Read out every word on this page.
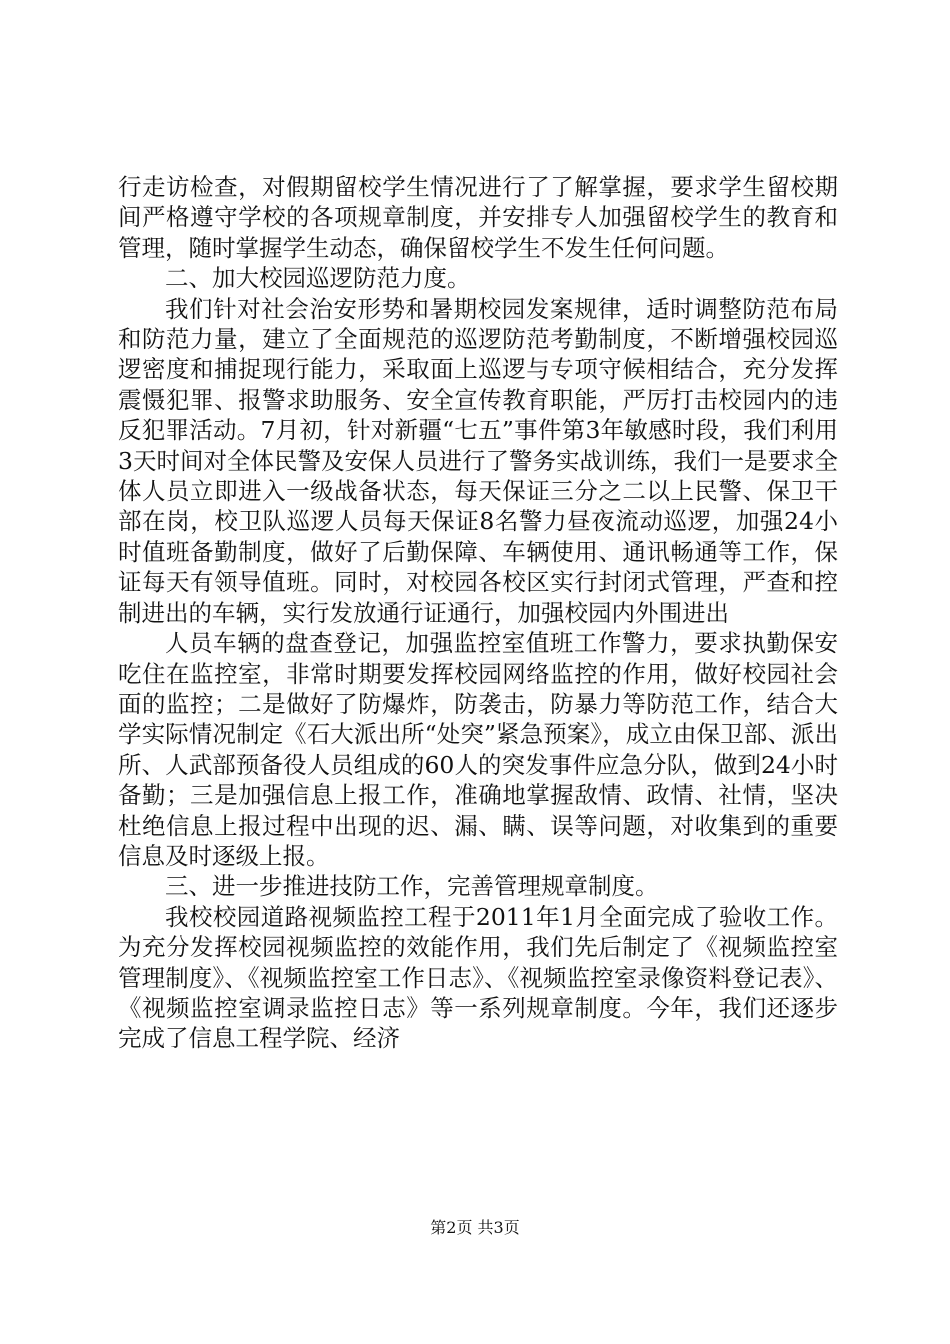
行走访检查，对假期留校学生情况进行了了解掌握，要求学生留校期间严格遵守学校的各项规章制度，并安排专人加强留校学生的教育和管理，随时掌握学生动态，确保留校学生不发生任何问题。

二、加大校园巡逻防范力度。

我们针对社会治安形势和暑期校园发案规律，适时调整防范布局和防范力量，建立了全面规范的巡逻防范考勤制度，不断增强校园巡逻密度和捕捉现行能力，采取面上巡逻与专项守候相结合，充分发挥震慑犯罪、报警求助服务、安全宣传教育职能，严厉打击校园内的违反犯罪活动。7月初，针对新疆“七五”事件第3年敏感时段，我们利用3天时间对全体民警及安保人员进行了警务实战训练，我们一是要求全体人员立即进入一级战备状态，每天保证三分之二以上民警、保卫干部在岗，校卫队巡逻人员每天保证8名警力昼夜流动巡逻，加强24小时值班备勤制度，做好了后勤保障、车辆使用、通讯畅通等工作，保证每天有领导值班。同时，对校园各校区实行封闭式管理，严查和控制进出的车辆，实行发放通行证通行，加强校园内外围进出

人员车辆的盘查登记，加强监控室值班工作警力，要求执勤保安吃住在监控室，非常时期要发挥校园网络监控的作用，做好校园社会面的监控；二是做好了防爆炸，防袭击，防暴力等防范工作，结合大学实际情况制定《石大派出所“处突”紧急预案》，成立由保卫部、派出所、人武部预备役人员组成的60人的突发事件应急分队，做到24小时备勤；三是加强信息上报工作，准确地掌握敌情、政情、社情，坚决杜绝信息上报过程中出现的迟、漏、瞒、误等问题，对收集到的重要信息及时逐级上报。

三、进一步推进技防工作，完善管理规章制度。

我校校园道路视频监控工程于2011年1月全面完成了验收工作。为充分发挥校园视频监控的效能作用，我们先后制定了《视频监控室管理制度》、《视频监控室工作日志》、《视频监控室录像资料登记表》、《视频监控室调录监控日志》等一系列规章制度。今年，我们还逐步完成了信息工程学院、经济

第2页 共3页
